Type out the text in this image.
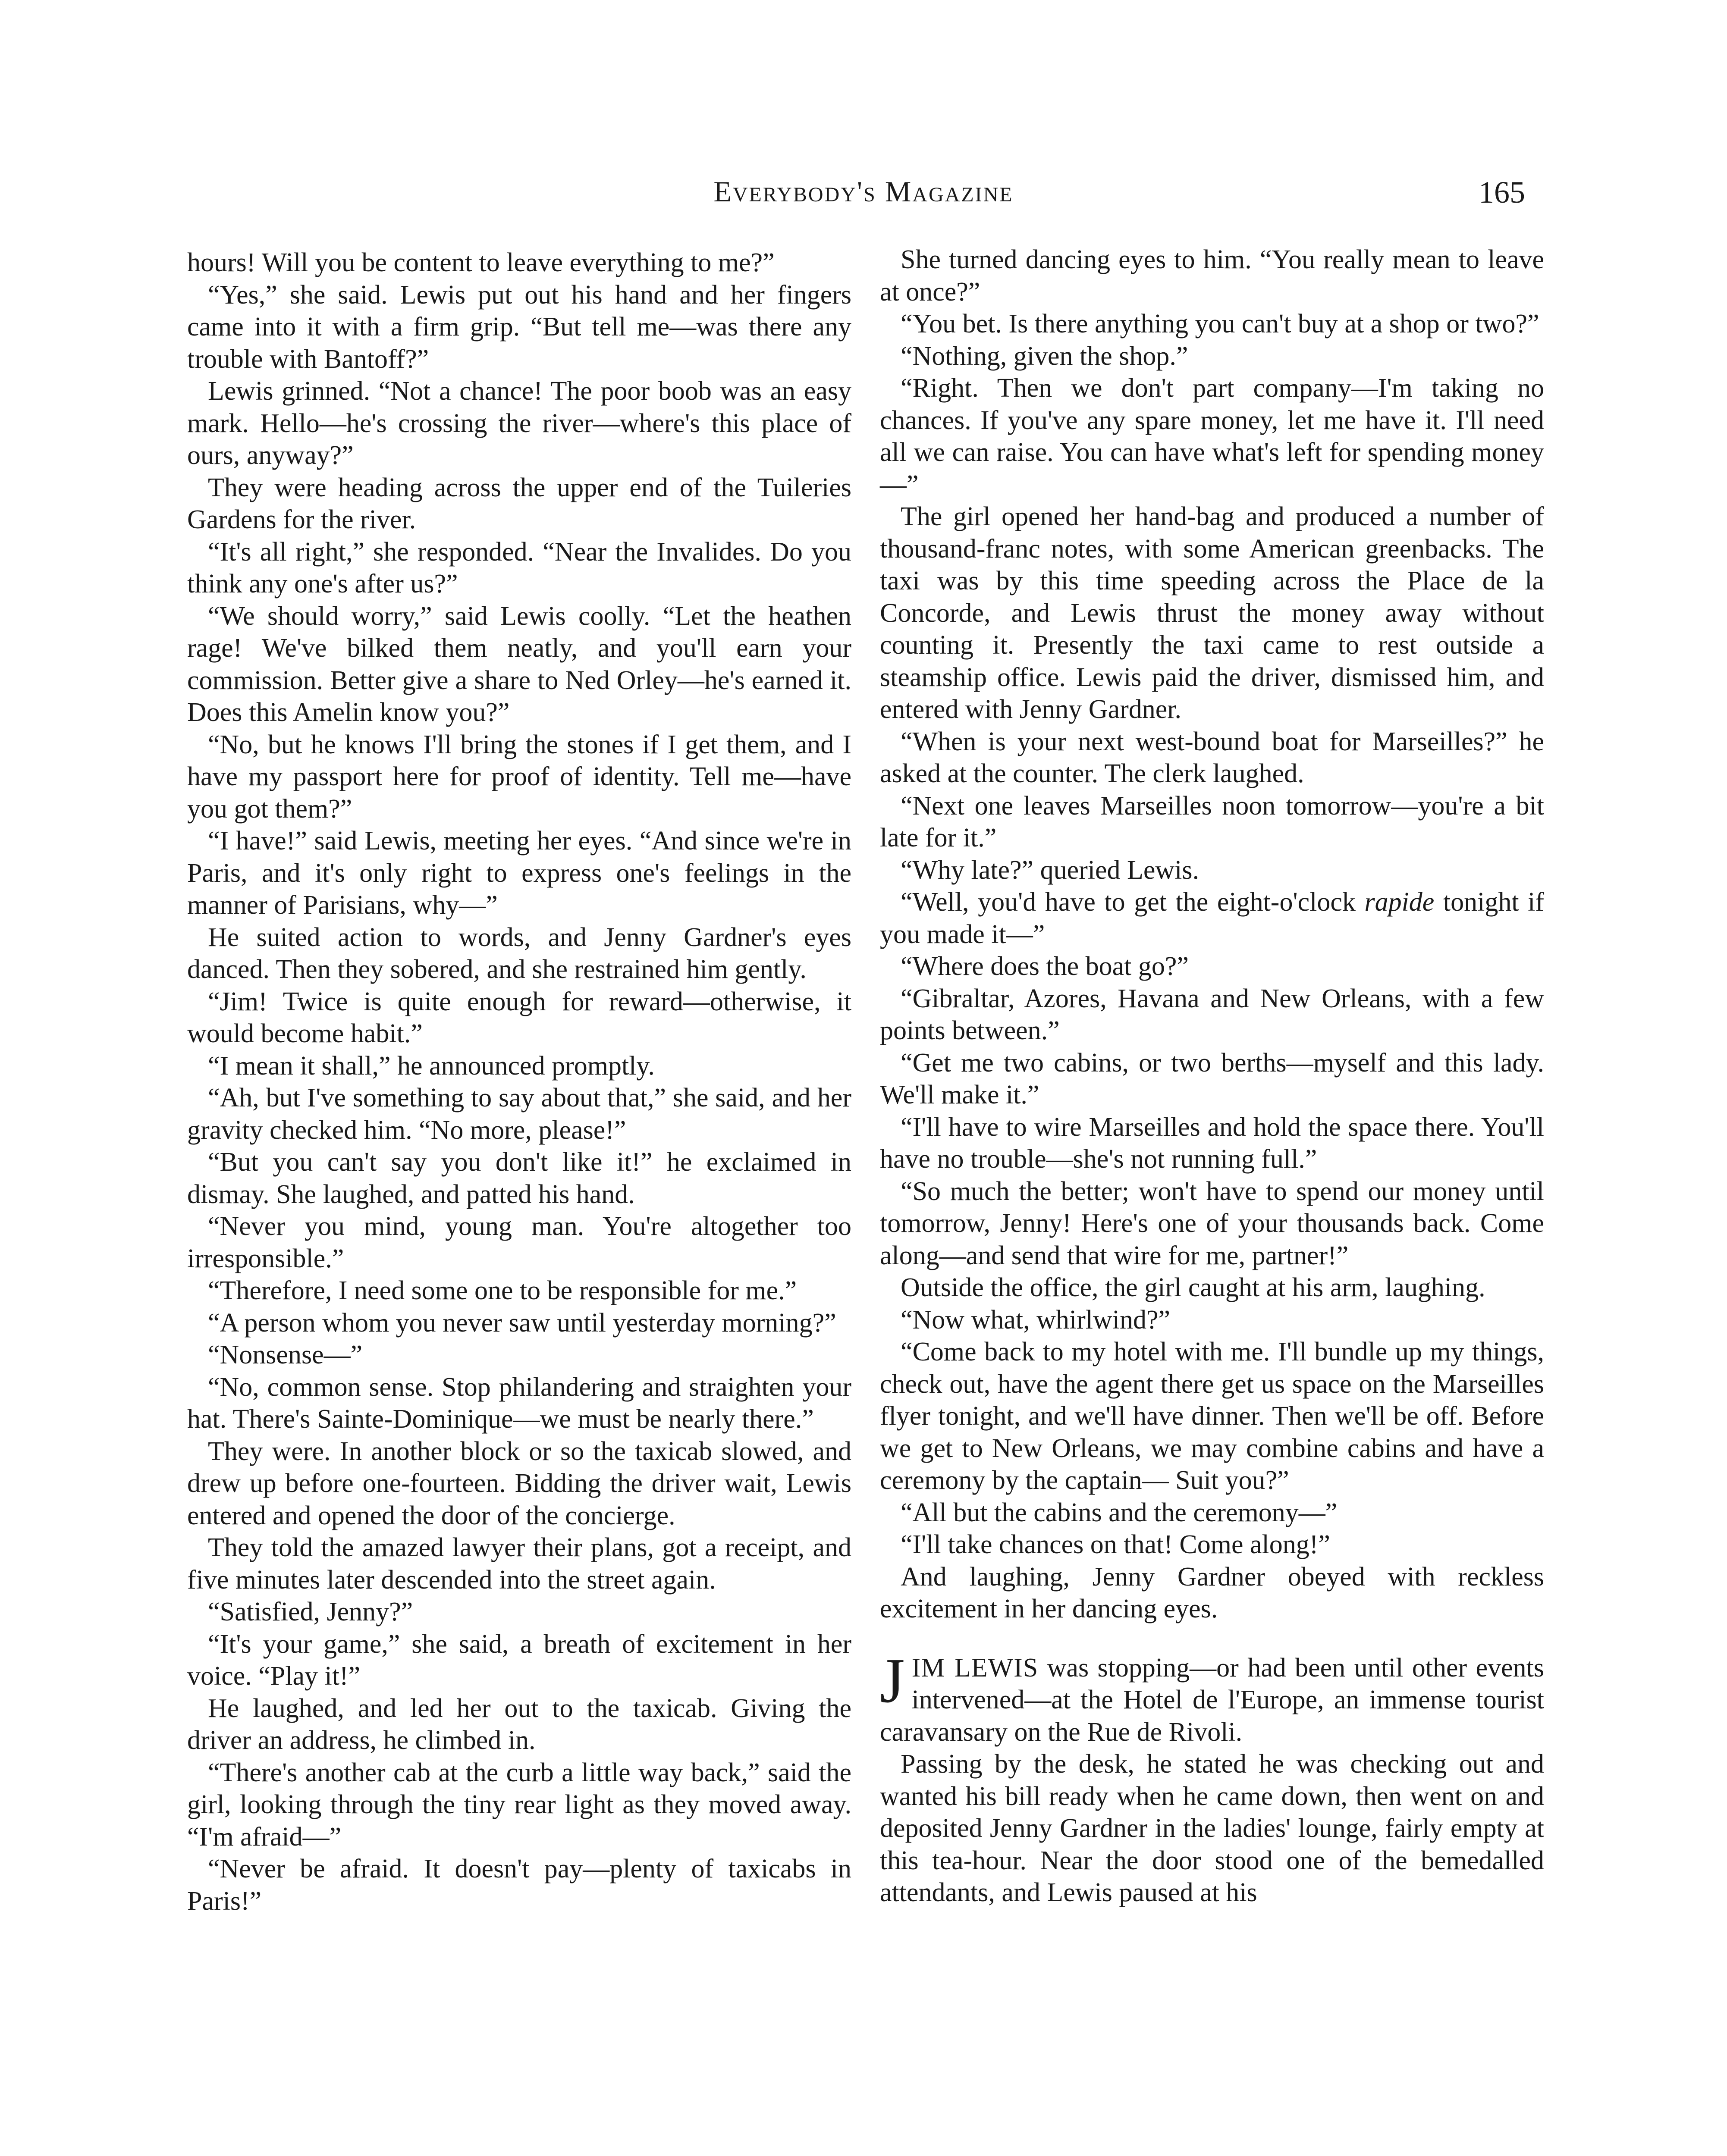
Everybody's Magazine	165

hours! Will you be content to leave everything to me?”

“Yes,” she said. Lewis put out his hand and her fingers came into it with a firm grip. “But tell me—was there any trouble with Bantoff?”

Lewis grinned. “Not a chance! The poor boob was an easy mark. Hello—he's crossing the river—where's this place of ours, anyway?”

They were heading across the upper end of the Tuileries Gardens for the river.

“It's all right,” she responded. “Near the Invalides. Do you think any one's after us?”

“We should worry,” said Lewis coolly. “Let the heathen rage! We've bilked them neatly, and you'll earn your commission. Better give a share to Ned Orley—he's earned it. Does this Amelin know you?”

“No, but he knows I'll bring the stones if I get them, and I have my passport here for proof of identity. Tell me—have you got them?”

“I have!” said Lewis, meeting her eyes. “And since we're in Paris, and it's only right to express one's feelings in the manner of Parisians, why—”

He suited action to words, and Jenny Gardner's eyes danced. Then they sobered, and she restrained him gently.

“Jim! Twice is quite enough for reward—otherwise, it would become habit.”

“I mean it shall,” he announced promptly.

“Ah, but I've something to say about that,” she said, and her gravity checked him. “No more, please!”

“But you can't say you don't like it!” he exclaimed in dismay. She laughed, and patted his hand.

“Never you mind, young man. You're altogether too irresponsible.”

“Therefore, I need some one to be responsible for me.”

“A person whom you never saw until yesterday morning?”

“Nonsense—”

“No, common sense. Stop philandering and straighten your hat. There's Sainte-Dominique—we must be nearly there.”

They were. In another block or so the taxicab slowed, and drew up before one-fourteen. Bidding the driver wait, Lewis entered and opened the door of the concierge.

They told the amazed lawyer their plans, got a receipt, and five minutes later descended into the street again.

“Satisfied, Jenny?”

“It's your game,” she said, a breath of excitement in her voice. “Play it!”

He laughed, and led her out to the taxicab. Giving the driver an address, he climbed in.

“There's another cab at the curb a little way back,” said the girl, looking through the tiny rear light as they moved away. “I'm afraid—”

“Never be afraid. It doesn't pay—plenty of taxicabs in Paris!”

She turned dancing eyes to him. “You really mean to leave at once?”

“You bet. Is there anything you can't buy at a shop or two?”

“Nothing, given the shop.”

“Right. Then we don't part company—I'm taking no chances. If you've any spare money, let me have it. I'll need all we can raise. You can have what's left for spending money—”

The girl opened her hand-bag and produced a number of thousand-franc notes, with some American greenbacks. The taxi was by this time speeding across the Place de la Concorde, and Lewis thrust the money away without counting it. Presently the taxi came to rest outside a steamship office. Lewis paid the driver, dismissed him, and entered with Jenny Gardner.

“When is your next west-bound boat for Marseilles?” he asked at the counter. The clerk laughed.

“Next one leaves Marseilles noon tomorrow—you're a bit late for it.”

“Why late?” queried Lewis.

“Well, you'd have to get the eight-o'clock rapide tonight if you made it—”

“Where does the boat go?”

“Gibraltar, Azores, Havana and New Orleans, with a few points between.”

“Get me two cabins, or two berths—myself and this lady. We'll make it.”

“I'll have to wire Marseilles and hold the space there. You'll have no trouble—she's not running full.”

“So much the better; won't have to spend our money until tomorrow, Jenny! Here's one of your thousands back. Come along—and send that wire for me, partner!”

Outside the office, the girl caught at his arm, laughing.

“Now what, whirlwind?”

“Come back to my hotel with me. I'll bundle up my things, check out, have the agent there get us space on the Marseilles flyer tonight, and we'll have dinner. Then we'll be off. Before we get to New Orleans, we may combine cabins and have a ceremony by the captain— Suit you?”

“All but the cabins and the ceremony—”

“I'll take chances on that! Come along!”

And laughing, Jenny Gardner obeyed with reckless excitement in her dancing eyes.

JIM LEWIS was stopping—or had been until other events intervened—at the Hotel de l'Europe, an immense tourist caravansary on the Rue de Rivoli.

Passing by the desk, he stated he was checking out and wanted his bill ready when he came down, then went on and deposited Jenny Gardner in the ladies' lounge, fairly empty at this tea-hour. Near the door stood one of the bemedalled attendants, and Lewis paused at his
